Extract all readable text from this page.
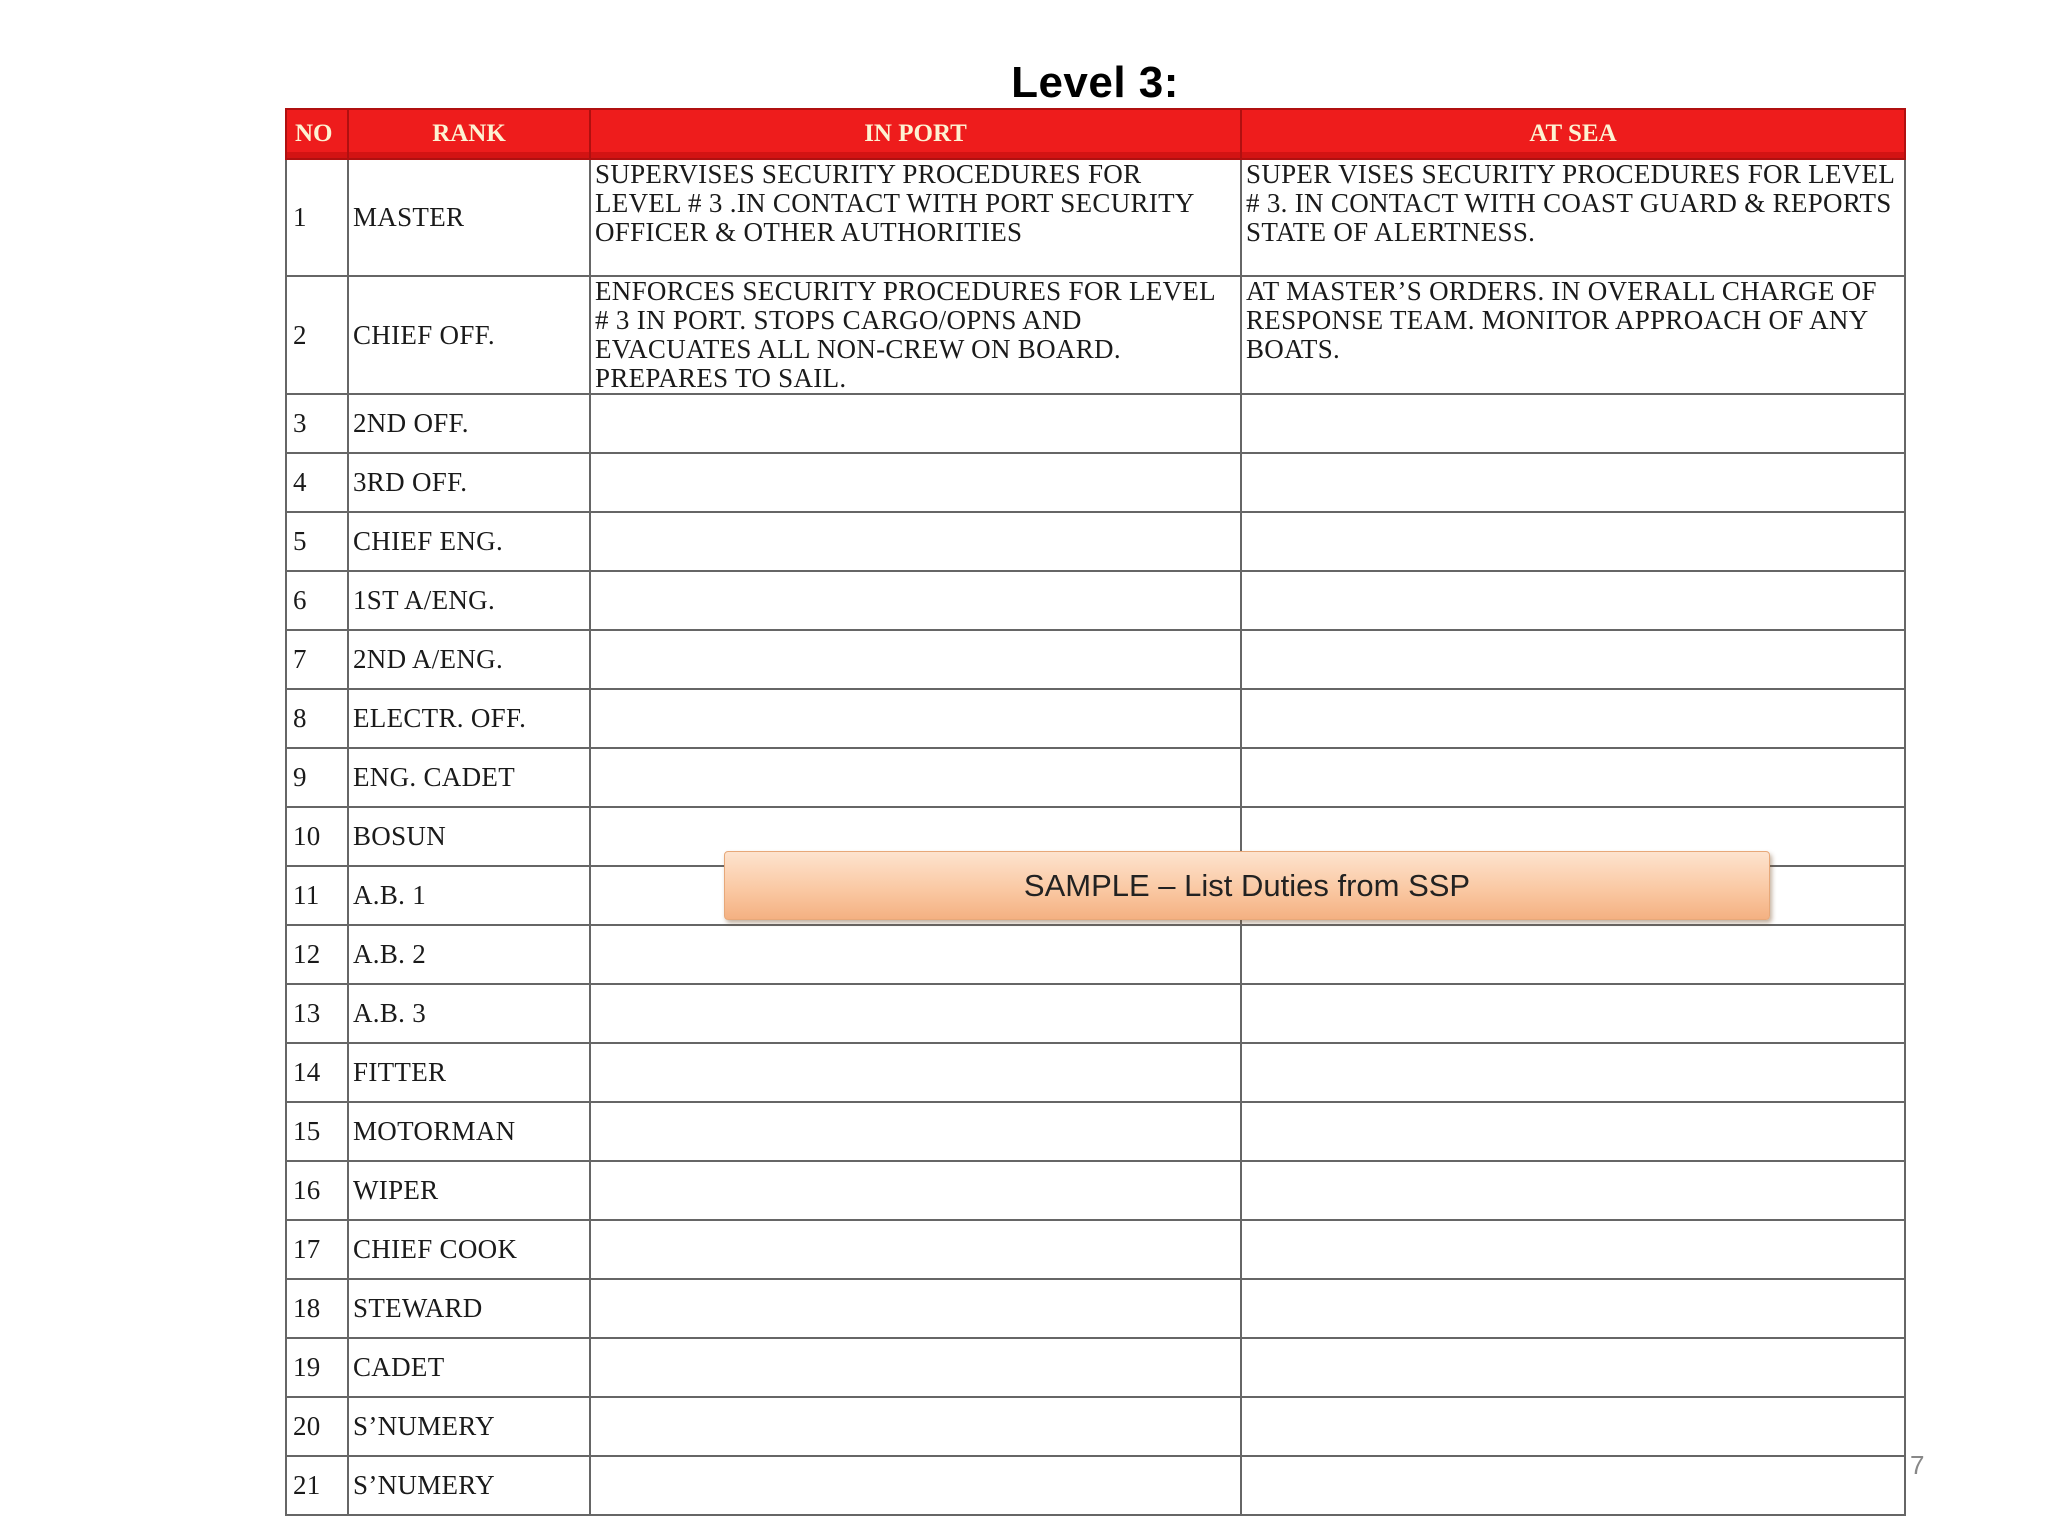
Level 3:
NO	RANK	IN PORT	AT SEA
1	MASTER	SUPERVISES SECURITY PROCEDURES FOR LEVEL # 3 .IN CONTACT WITH PORT SECURITY OFFICER & OTHER AUTHORITIES	SUPER VISES SECURITY PROCEDURES FOR LEVEL # 3. IN CONTACT WITH COAST GUARD & REPORTS STATE OF ALERTNESS.
2	CHIEF OFF.	ENFORCES SECURITY PROCEDURES FOR LEVEL # 3 IN PORT. STOPS CARGO/OPNS AND EVACUATES ALL NON-CREW ON BOARD. PREPARES TO SAIL.	AT MASTER’S ORDERS. IN OVERALL CHARGE OF RESPONSE TEAM. MONITOR APPROACH OF ANY BOATS.
3	2ND OFF.		
4	3RD OFF.		
5	CHIEF ENG.		
6	1ST A/ENG.		
7	2ND A/ENG.		
8	ELECTR. OFF.		
9	ENG. CADET		
10	BOSUN		
11	A.B. 1		
12	A.B. 2		
13	A.B. 3		
14	FITTER		
15	MOTORMAN		
16	WIPER		
17	CHIEF COOK		
18	STEWARD		
19	CADET		
20	S’NUMERY		
21	S’NUMERY		
SAMPLE – List Duties from SSP
7
